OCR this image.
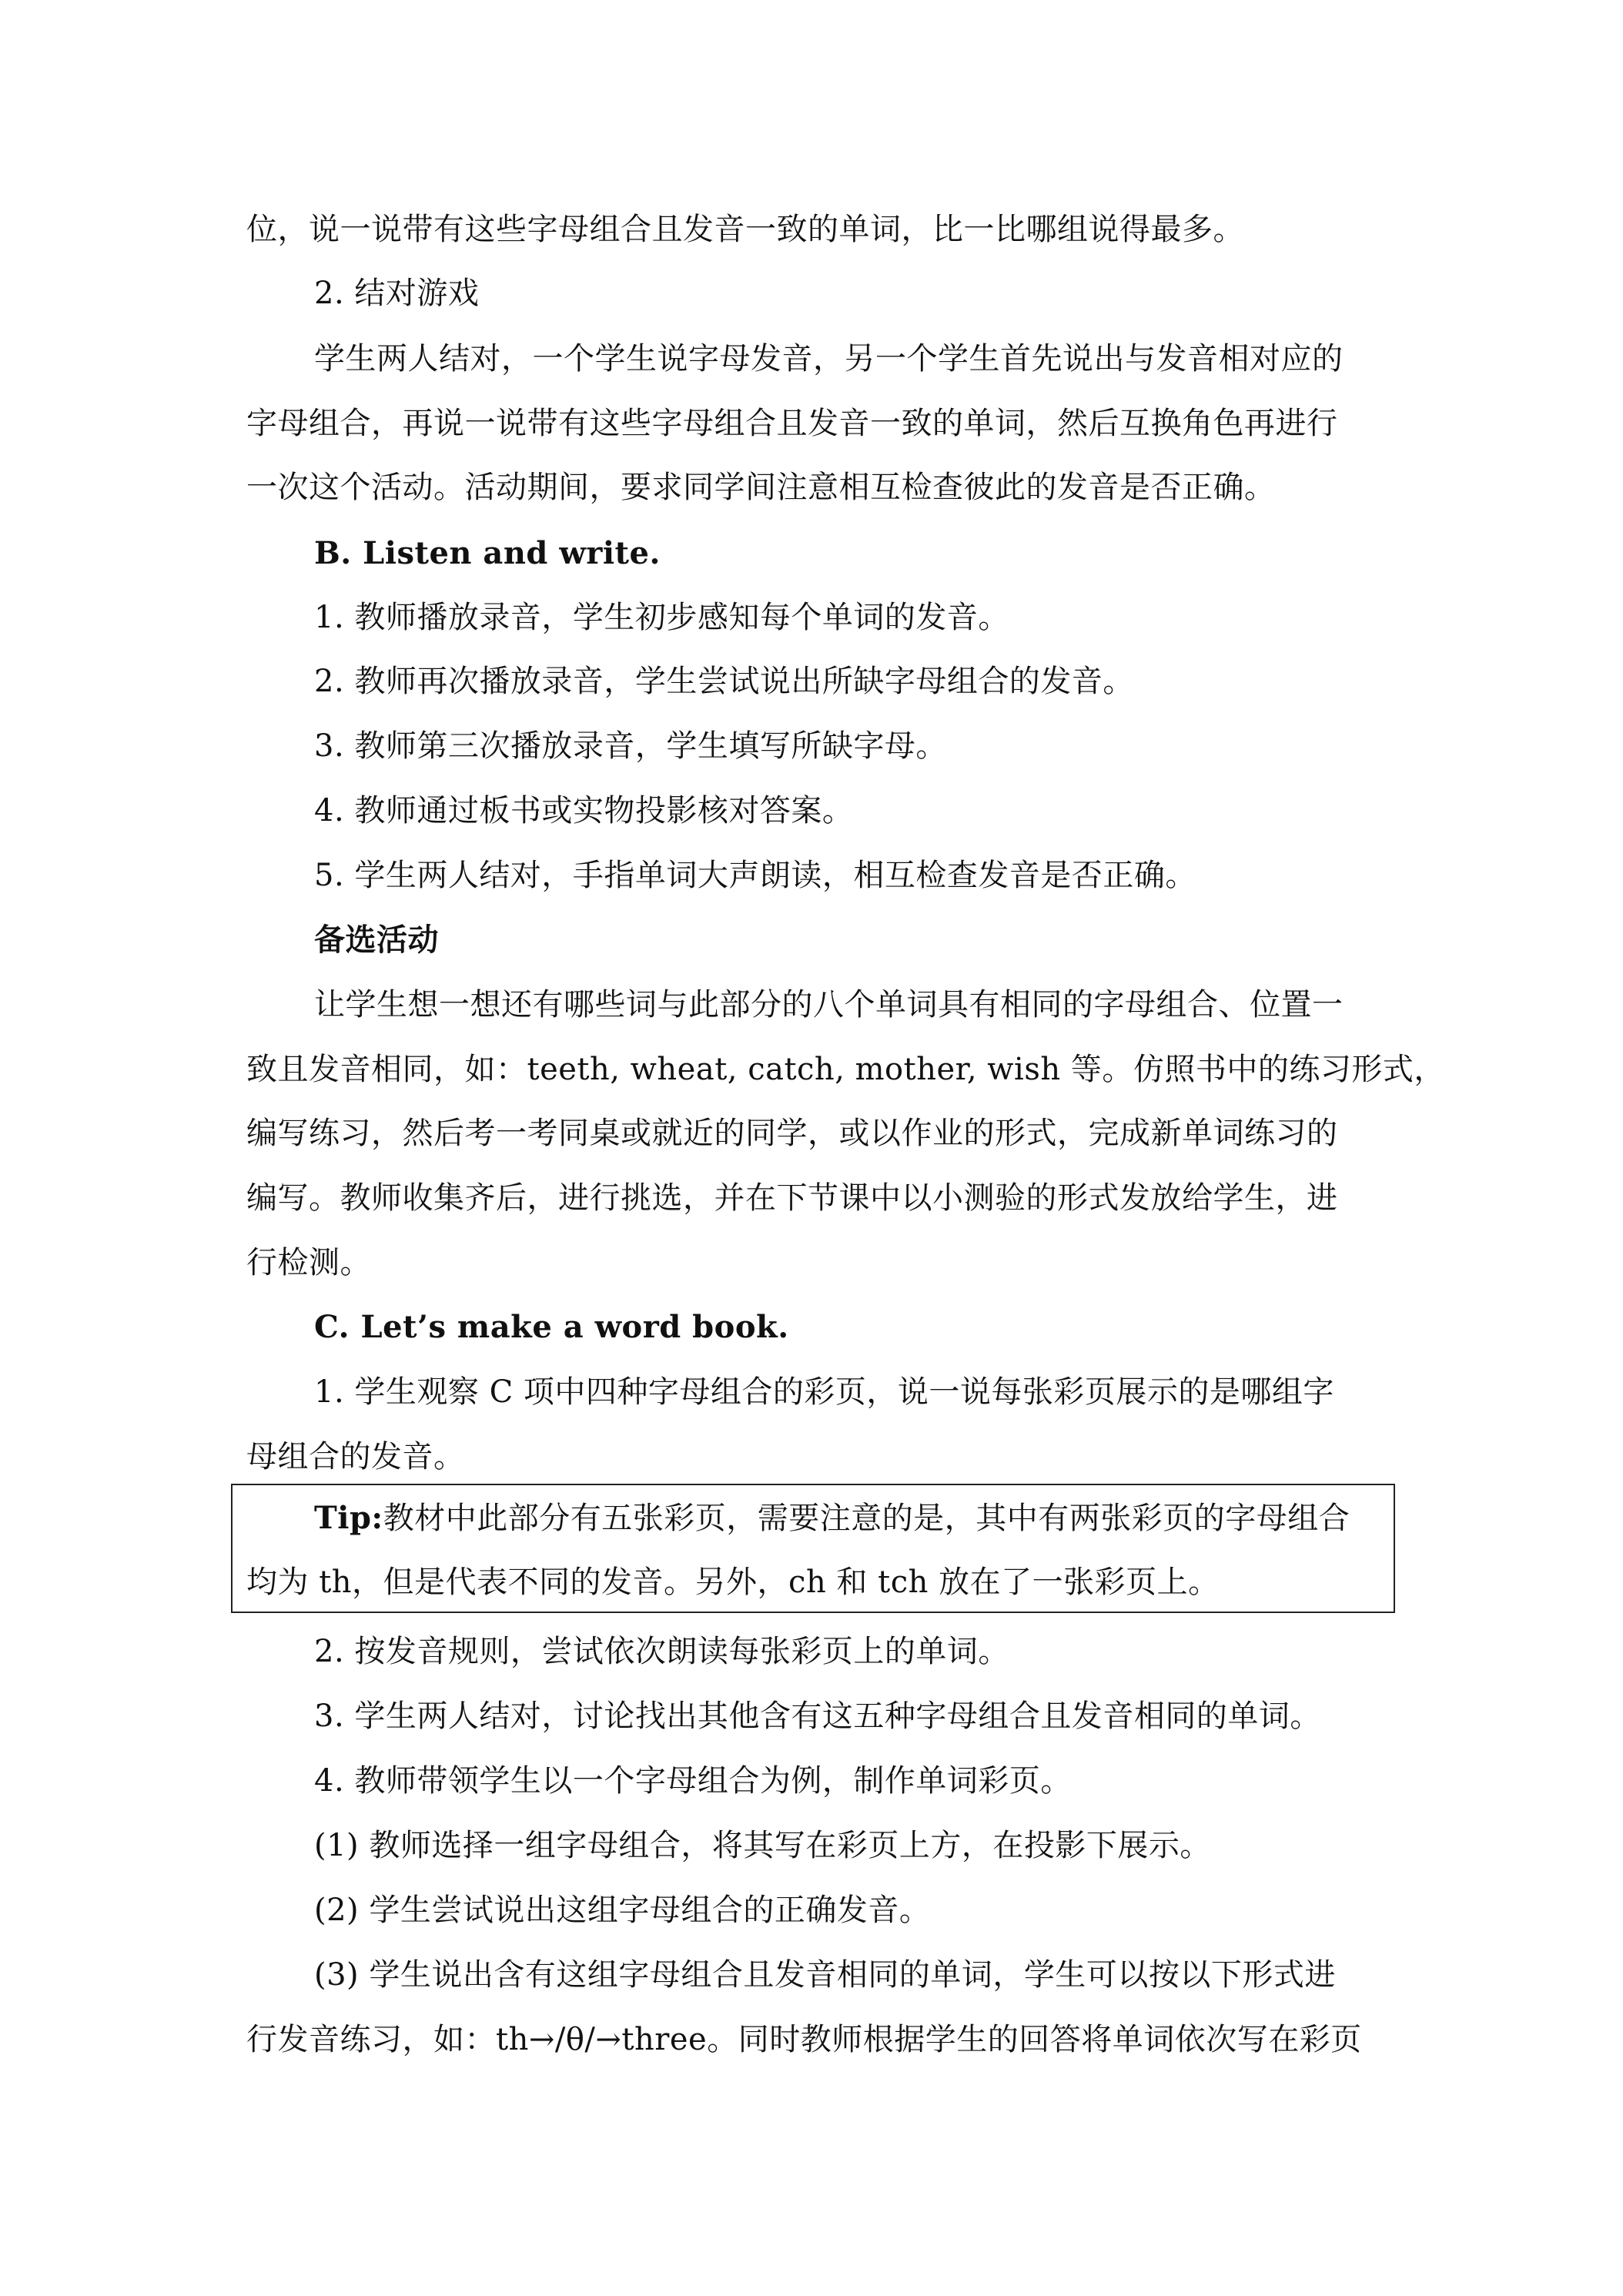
位，说一说带有这些字母组合且发音一致的单词，比一比哪组说得最多。
2. 结对游戏
学生两人结对，一个学生说字母发音，另一个学生首先说出与发音相对应的
字母组合，再说一说带有这些字母组合且发音一致的单词，然后互换角色再进行
一次这个活动。活动期间，要求同学间注意相互检查彼此的发音是否正确。
B. Listen and write.
1. 教师播放录音，学生初步感知每个单词的发音。
2. 教师再次播放录音，学生尝试说出所缺字母组合的发音。
3. 教师第三次播放录音，学生填写所缺字母。
4. 教师通过板书或实物投影核对答案。
5. 学生两人结对，手指单词大声朗读，相互检查发音是否正确。
备选活动
让学生想一想还有哪些词与此部分的八个单词具有相同的字母组合、位置一
致且发音相同，如：teeth, wheat, catch, mother, wish 等。仿照书中的练习形式，
编写练习，然后考一考同桌或就近的同学，或以作业的形式，完成新单词练习的
编写。教师收集齐后，进行挑选，并在下节课中以小测验的形式发放给学生，进
行检测。
C. Let’s make a word book.
1. 学生观察 C 项中四种字母组合的彩页，说一说每张彩页展示的是哪组字
母组合的发音。
Tip:教材中此部分有五张彩页，需要注意的是，其中有两张彩页的字母组合
均为 th，但是代表不同的发音。另外，ch 和 tch 放在了一张彩页上。
2. 按发音规则，尝试依次朗读每张彩页上的单词。
3. 学生两人结对，讨论找出其他含有这五种字母组合且发音相同的单词。
4. 教师带领学生以一个字母组合为例，制作单词彩页。
(1) 教师选择一组字母组合，将其写在彩页上方，在投影下展示。
(2) 学生尝试说出这组字母组合的正确发音。
(3) 学生说出含有这组字母组合且发音相同的单词，学生可以按以下形式进
行发音练习，如：th→/θ/→three。同时教师根据学生的回答将单词依次写在彩页
